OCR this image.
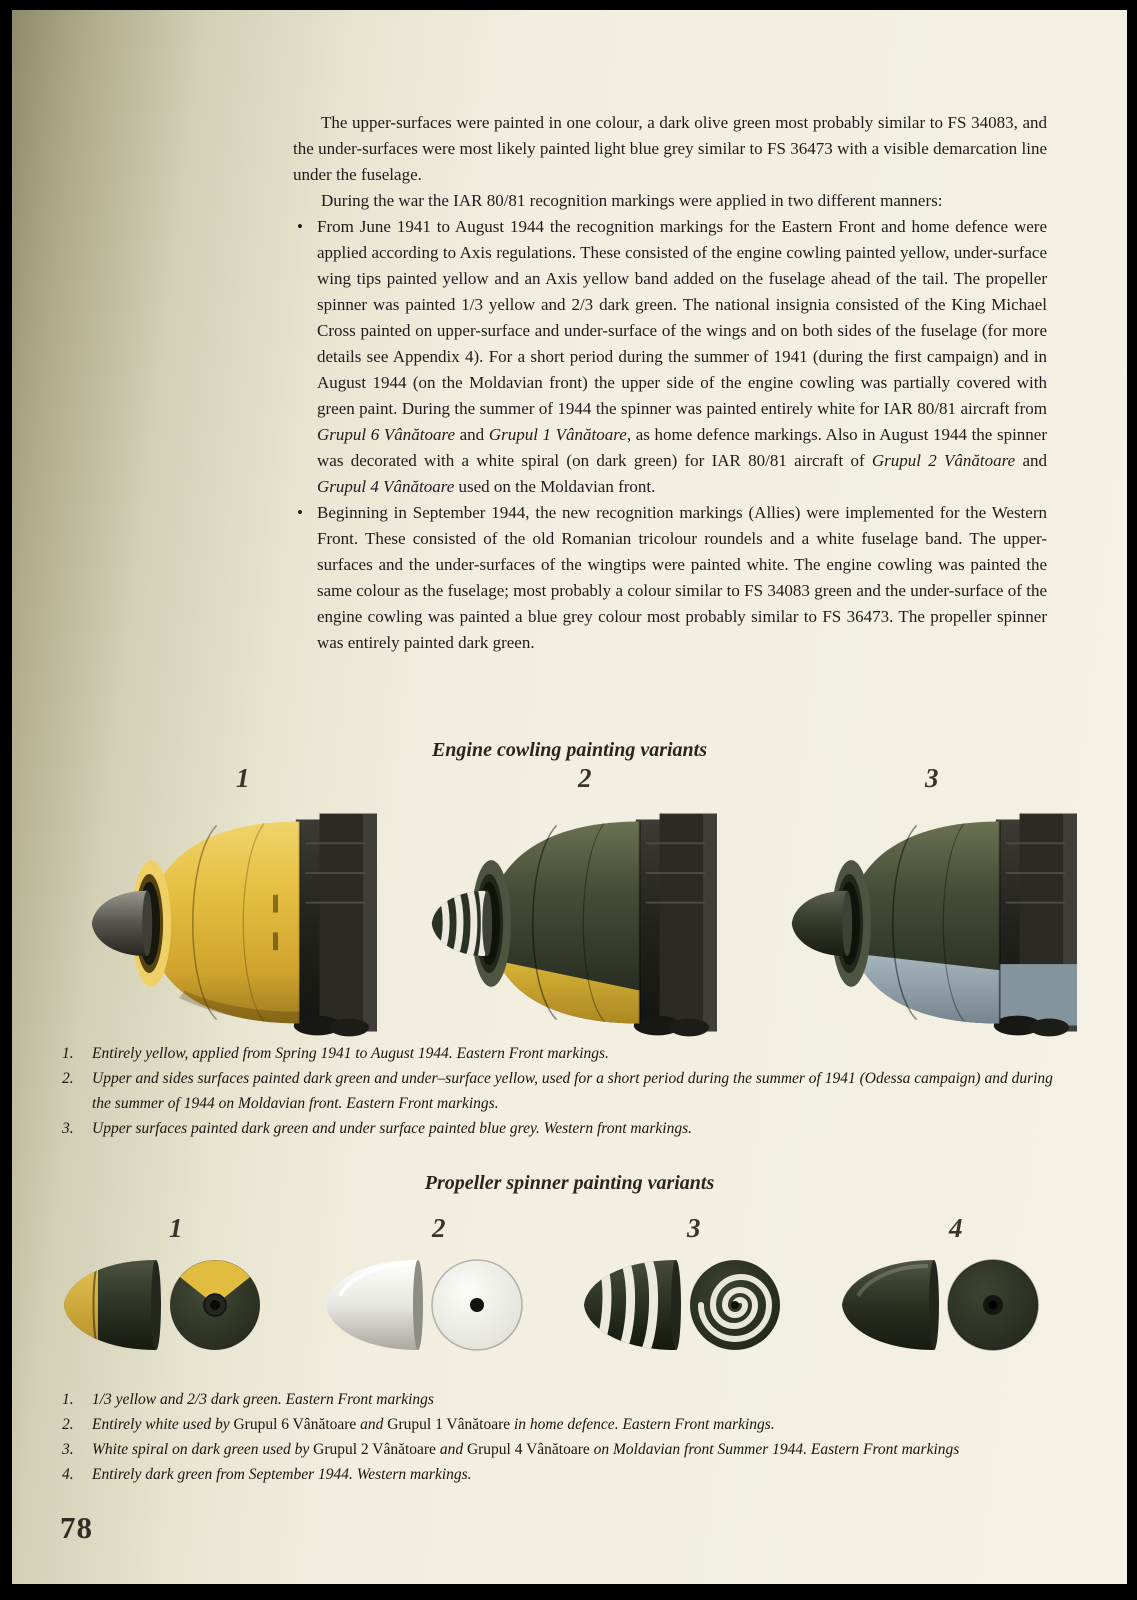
The upper-surfaces were painted in one colour, a dark olive green most probably similar to FS 34083, and the under-surfaces were most likely painted light blue grey similar to FS 36473 with a visible demarcation line under the fuselage.

During the war the IAR 80/81 recognition markings were applied in two different manners:

• From June 1941 to August 1944 the recognition markings for the Eastern Front and home defence were applied according to Axis regulations. These consisted of the engine cowling painted yellow, under-surface wing tips painted yellow and an Axis yellow band added on the fuselage ahead of the tail. The propeller spinner was painted 1/3 yellow and 2/3 dark green. The national insignia consisted of the King Michael Cross painted on upper-surface and under-surface of the wings and on both sides of the fuselage (for more details see Appendix 4). For a short period during the summer of 1941 (during the first campaign) and in August 1944 (on the Moldavian front) the upper side of the engine cowling was partially covered with green paint. During the summer of 1944 the spinner was painted entirely white for IAR 80/81 aircraft from Grupul 6 Vânătoare and Grupul 1 Vânătoare, as home defence markings. Also in August 1944 the spinner was decorated with a white spiral (on dark green) for IAR 80/81 aircraft of Grupul 2 Vânătoare and Grupul 4 Vânătoare used on the Moldavian front.
• Beginning in September 1944, the new recognition markings (Allies) were implemented for the Western Front. These consisted of the old Romanian tricolour roundels and a white fuselage band. The upper-surfaces and the under-surfaces of the wingtips were painted white. The engine cowling was painted the same colour as the fuselage; most probably a colour similar to FS 34083 green and the under-surface of the engine cowling was painted a blue grey colour most probably similar to FS 36473. The propeller spinner was entirely painted dark green.
Engine cowling painting variants
1	2	3
1.	Entirely yellow, applied from Spring 1941 to August 1944. Eastern Front markings.
2.	Upper and sides surfaces painted dark green and under–surface yellow, used for a short period during the summer of 1941 (Odessa campaign) and during the summer of 1944 on Moldavian front. Eastern Front markings.
3.	Upper surfaces painted dark green and under surface painted blue grey. Western front markings.
Propeller spinner painting variants
1	2	3	4
1.	1/3 yellow and 2/3 dark green. Eastern Front markings
2.	Entirely white used by Grupul 6 Vânătoare and Grupul 1 Vânătoare in home defence. Eastern Front markings.
3.	White spiral on dark green used by Grupul 2 Vânătoare and Grupul 4 Vânătoare on Moldavian front Summer 1944. Eastern Front markings
4.	Entirely dark green from September 1944. Western markings.
78
